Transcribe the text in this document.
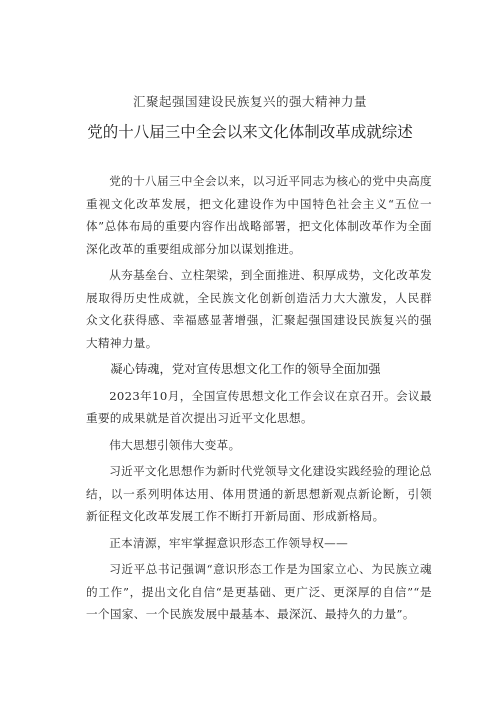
汇聚起强国建设民族复兴的强大精神力量
党的十八届三中全会以来文化体制改革成就综述

党的十八届三中全会以来，以习近平同志为核心的党中央高度重视文化改革发展，把文化建设作为中国特色社会主义“五位一体”总体布局的重要内容作出战略部署，把文化体制改革作为全面深化改革的重要组成部分加以谋划推进。

从夯基垒台、立柱架梁，到全面推进、积厚成势，文化改革发展取得历史性成就，全民族文化创新创造活力大大激发，人民群众文化获得感、幸福感显著增强，汇聚起强国建设民族复兴的强大精神力量。

凝心铸魂，党对宣传思想文化工作的领导全面加强

2023年10月，全国宣传思想文化工作会议在京召开。会议最重要的成果就是首次提出习近平文化思想。

伟大思想引领伟大变革。

习近平文化思想作为新时代党领导文化建设实践经验的理论总结，以一系列明体达用、体用贯通的新思想新观点新论断，引领新征程文化改革发展工作不断打开新局面、形成新格局。

正本清源，牢牢掌握意识形态工作领导权——

习近平总书记强调“意识形态工作是为国家立心、为民族立魂的工作”，提出文化自信“是更基础、更广泛、更深厚的自信”“是一个国家、一个民族发展中最基本、最深沉、最持久的力量”。
